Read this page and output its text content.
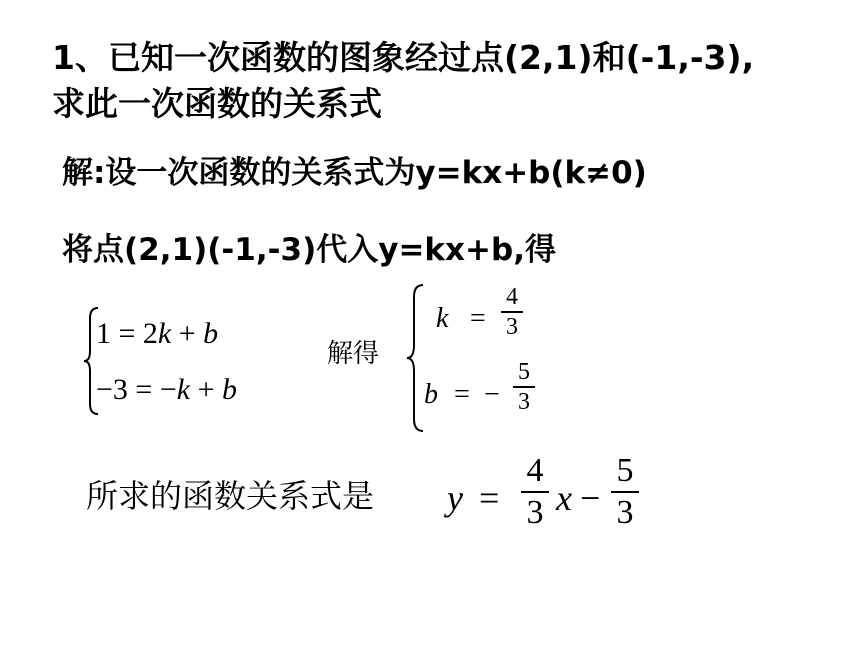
1、已知一次函数的图象经过点(2,1)和(-1,-3),
求此一次函数的关系式
解:设一次函数的关系式为y=kx+b(k≠0)
将点(2,1)(-1,-3)代入y=kx+b,得
1 = 2k + b
−3 = −k + b
解得
k =
4
3
b = −
5
3
所求的函数关系式是 y =
4
3 x −
5
3
